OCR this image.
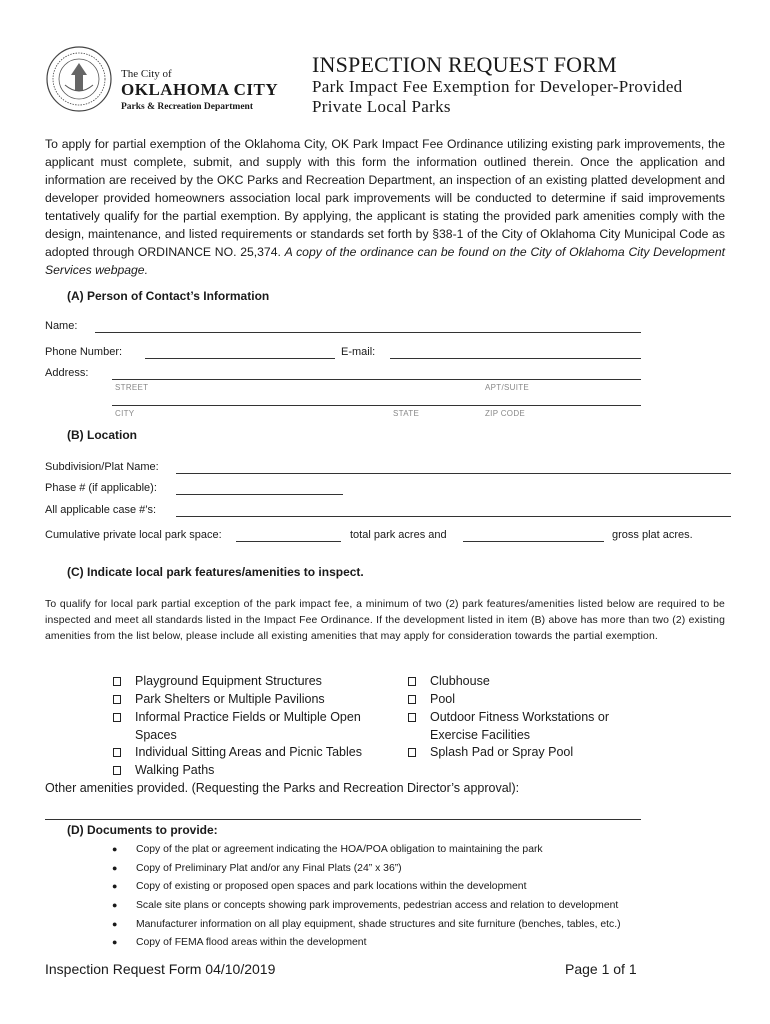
The City of
OKLAHOMA CITY
Parks & Recreation Department
INSPECTION REQUEST FORM
Park Impact Fee Exemption for Developer-Provided
Private Local Parks
To apply for partial exemption of the Oklahoma City, OK Park Impact Fee Ordinance utilizing existing park improvements, the applicant must complete, submit, and supply with this form the information outlined therein. Once the application and information are received by the OKC Parks and Recreation Department, an inspection of an existing platted development and developer provided homeowners association local park improvements will be conducted to determine if said improvements tentatively qualify for the partial exemption. By applying, the applicant is stating the provided park amenities comply with the design, maintenance, and listed requirements or standards set forth by §38-1 of the City of Oklahoma City Municipal Code as adopted through ORDINANCE NO. 25,374. A copy of the ordinance can be found on the City of Oklahoma City Development Services webpage.
(A) Person of Contact’s Information
Name:
Phone Number:	E-mail:
Address:
STREET	APT/SUITE
CITY	STATE	ZIP CODE
(B) Location
Subdivision/Plat Name:
Phase # (if applicable):
All applicable case #’s:
Cumulative private local park space:	total park acres and	gross plat acres.
(C) Indicate local park features/amenities to inspect.
To qualify for local park partial exception of the park impact fee, a minimum of two (2) park features/amenities listed below are required to be inspected and meet all standards listed in the Impact Fee Ordinance. If the development listed in item (B) above has more than two (2) existing amenities from the list below, please include all existing amenities that may apply for consideration towards the partial exemption.
Playground Equipment Structures
Park Shelters or Multiple Pavilions
Informal Practice Fields or Multiple Open Spaces
Individual Sitting Areas and Picnic Tables
Walking Paths
Clubhouse
Pool
Outdoor Fitness Workstations or Exercise Facilities
Splash Pad or Spray Pool
Other amenities provided. (Requesting the Parks and Recreation Director’s approval):
(D) Documents to provide:
●	Copy of the plat or agreement indicating the HOA/POA obligation to maintaining the park
●	Copy of Preliminary Plat and/or any Final Plats (24” x 36”)
●	Copy of existing or proposed open spaces and park locations within the development
●	Scale site plans or concepts showing park improvements, pedestrian access and relation to development
●	Manufacturer information on all play equipment, shade structures and site furniture (benches, tables, etc.)
●	Copy of FEMA flood areas within the development
Inspection Request Form 04/10/2019	Page 1 of 1
